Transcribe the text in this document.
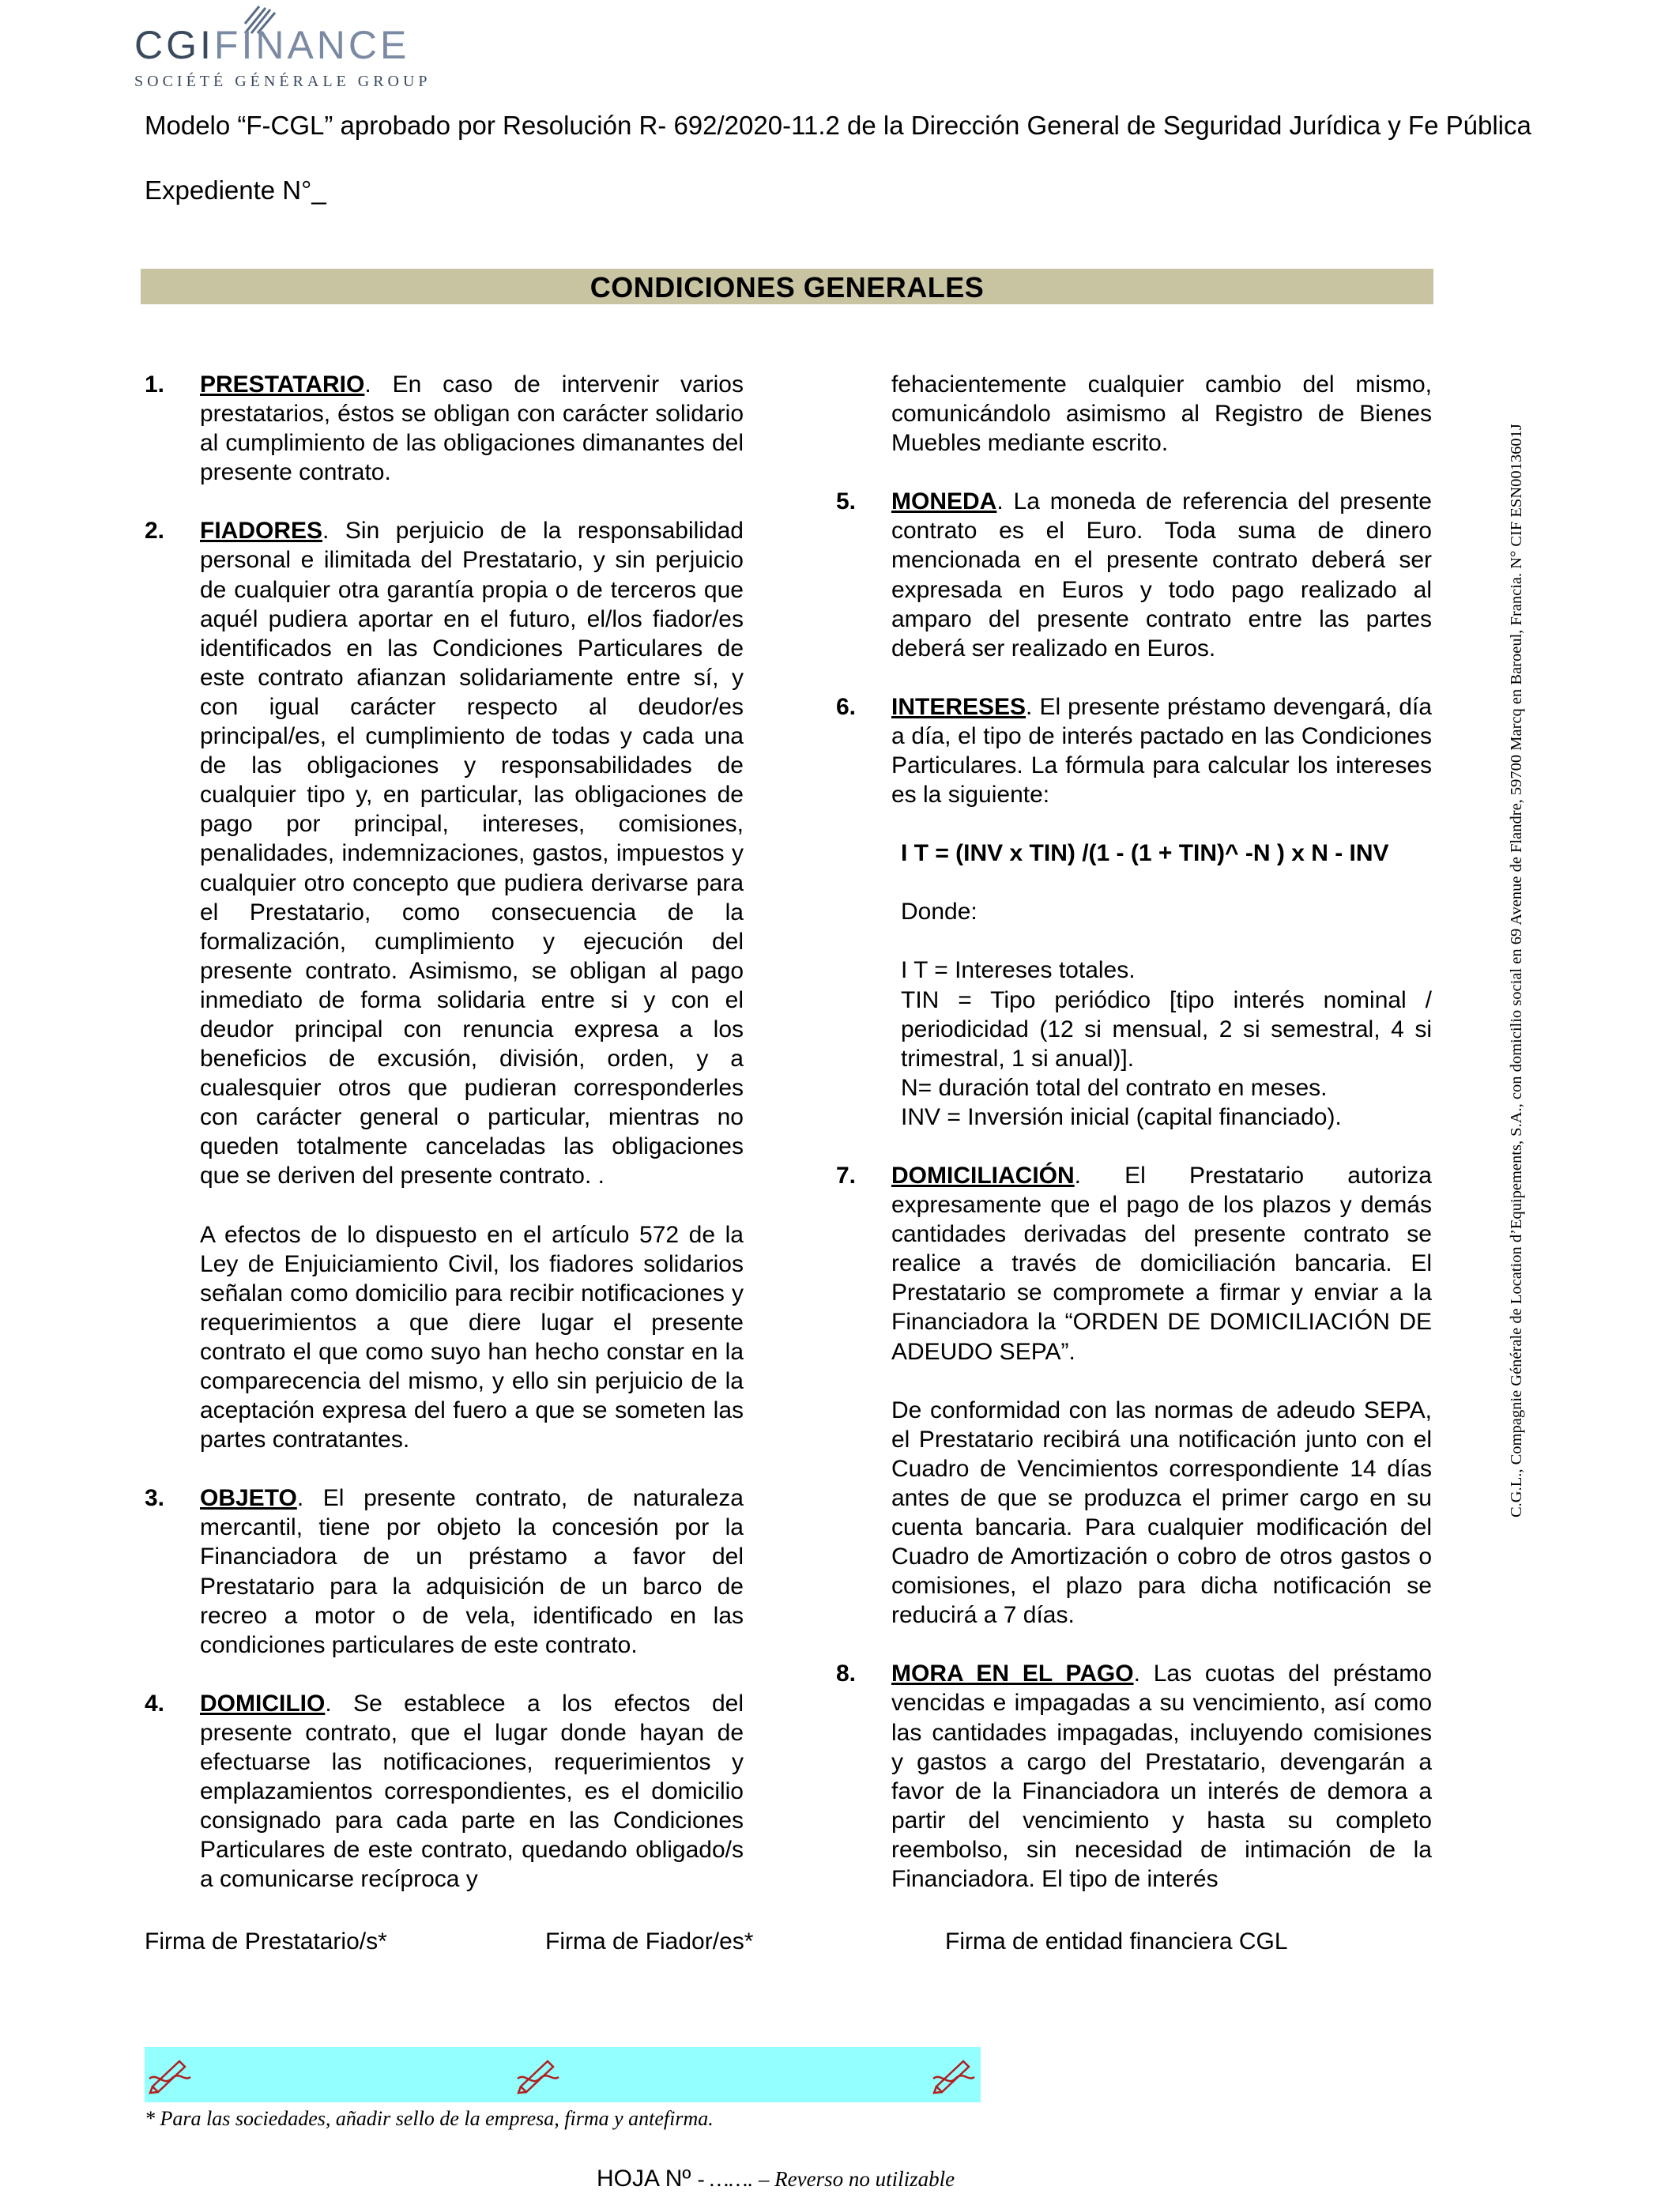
CGIFINANCE
SOCIÉTÉ GÉNÉRALE GROUP
Modelo “F-CGL” aprobado por Resolución R- 692/2020-11.2 de la Dirección General de Seguridad Jurídica y Fe Pública
Expediente N°_
CONDICIONES GENERALES
1. PRESTATARIO. En caso de intervenir varios prestatarios, éstos se obligan con carácter solidario al cumplimiento de las obligaciones dimanantes del presente contrato.

2. FIADORES. Sin perjuicio de la responsabilidad personal e ilimitada del Prestatario, y sin perjuicio de cualquier otra garantía propia o de terceros que aquél pudiera aportar en el futuro, el/los fiador/es identificados en las Condiciones Particulares de este contrato afianzan solidariamente entre sí, y con igual carácter respecto al deudor/es principal/es, el cumplimiento de todas y cada una de las obligaciones y responsabilidades de cualquier tipo y, en particular, las obligaciones de pago por principal, intereses, comisiones, penalidades, indemnizaciones, gastos, impuestos y cualquier otro concepto que pudiera derivarse para el Prestatario, como consecuencia de la formalización, cumplimiento y ejecución del presente contrato. Asimismo, se obligan al pago inmediato de forma solidaria entre si y con el deudor principal con renuncia expresa a los beneficios de excusión, división, orden, y a cualesquier otros que pudieran corresponderles con carácter general o particular, mientras no queden totalmente canceladas las obligaciones que se deriven del presente contrato. .

A efectos de lo dispuesto en el artículo 572 de la Ley de Enjuiciamiento Civil, los fiadores solidarios señalan como domicilio para recibir notificaciones y requerimientos a que diere lugar el presente contrato el que como suyo han hecho constar en la comparecencia del mismo, y ello sin perjuicio de la aceptación expresa del fuero a que se someten las partes contratantes.

3. OBJETO. El presente contrato, de naturaleza mercantil, tiene por objeto la concesión por la Financiadora de un préstamo a favor del Prestatario para la adquisición de un barco de recreo a motor o de vela, identificado en las condiciones particulares de este contrato.

4. DOMICILIO. Se establece a los efectos del presente contrato, que el lugar donde hayan de efectuarse las notificaciones, requerimientos y emplazamientos correspondientes, es el domicilio consignado para cada parte en las Condiciones Particulares de este contrato, quedando obligado/s a comunicarse recíproca y

fehacientemente cualquier cambio del mismo, comunicándolo asimismo al Registro de Bienes Muebles mediante escrito.

5. MONEDA. La moneda de referencia del presente contrato es el Euro. Toda suma de dinero mencionada en el presente contrato deberá ser expresada en Euros y todo pago realizado al amparo del presente contrato entre las partes deberá ser realizado en Euros.

6. INTERESES. El presente préstamo devengará, día a día, el tipo de interés pactado en las Condiciones Particulares. La fórmula para calcular los intereses es la siguiente:

I T = (INV x TIN) /(1 - (1 + TIN)^ -N ) x N - INV

Donde:

I T = Intereses totales.

TIN = Tipo periódico [tipo interés nominal / periodicidad (12 si mensual, 2 si semestral, 4 si trimestral, 1 si anual)].

N= duración total del contrato en meses.

INV = Inversión inicial (capital financiado).

7. DOMICILIACIÓN. El Prestatario autoriza expresamente que el pago de los plazos y demás cantidades derivadas del presente contrato se realice a través de domiciliación bancaria. El Prestatario se compromete a firmar y enviar a la Financiadora la “ORDEN DE DOMICILIACIÓN DE ADEUDO SEPA”.

De conformidad con las normas de adeudo SEPA, el Prestatario recibirá una notificación junto con el Cuadro de Vencimientos correspondiente 14 días antes de que se produzca el primer cargo en su cuenta bancaria. Para cualquier modificación del Cuadro de Amortización o cobro de otros gastos o comisiones, el plazo para dicha notificación se reducirá a 7 días.

8. MORA EN EL PAGO. Las cuotas del préstamo vencidas e impagadas a su vencimiento, así como las cantidades impagadas, incluyendo comisiones y gastos a cargo del Prestatario, devengarán a favor de la Financiadora un interés de demora a partir del vencimiento y hasta su completo reembolso, sin necesidad de intimación de la Financiadora. El tipo de interés

Firma de Prestatario/s*	Firma de Fiador/es*	Firma de entidad financiera CGL
* Para las sociedades, añadir sello de la empresa, firma y antefirma.
HOJA Nº - ……. – Reverso no utilizable
C.G.L., Compagnie Générale de Location d’Equipements, S.A., con domicilio social en 69 Avenue de Flandre, 59700 Marcq en Baroeul, Francia. N° CIF ESN0013601J
